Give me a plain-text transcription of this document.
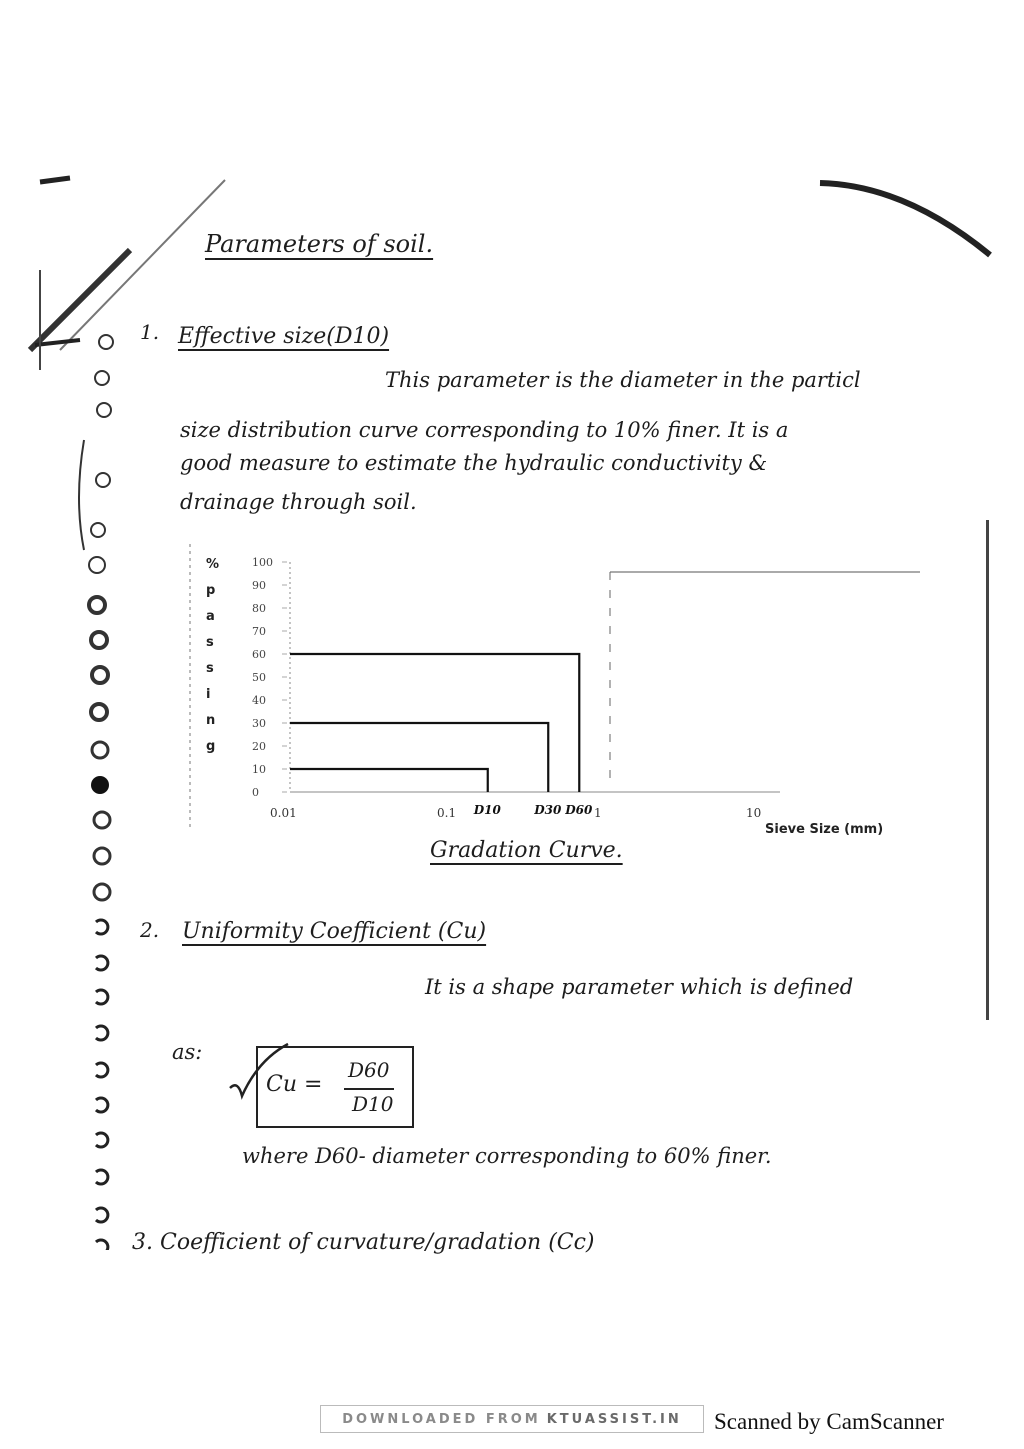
Parameters of soil.
1. Effective size(D10)
This parameter is the diameter in the particl
size distribution curve corresponding to 10% finer. It is a
good measure to estimate the hydraulic conductivity &
drainage through soil.
%
p
a
s
s
i
n
g
0
10
20
30
40
50
60
70
80
90
100
0.01	0.1	1	10
D10	D30 D60
Sieve Size (mm)
Gradation Curve.
2. Uniformity Coefficient (Cu)
It is a shape parameter which is defined
as:
Cu =
D60
D10
where D60- diameter corresponding to 60% finer.
3. Coefficient of curvature/gradation (Cc)
DOWNLOADED FROM KTUASSIST.IN Scanned by CamScanner
